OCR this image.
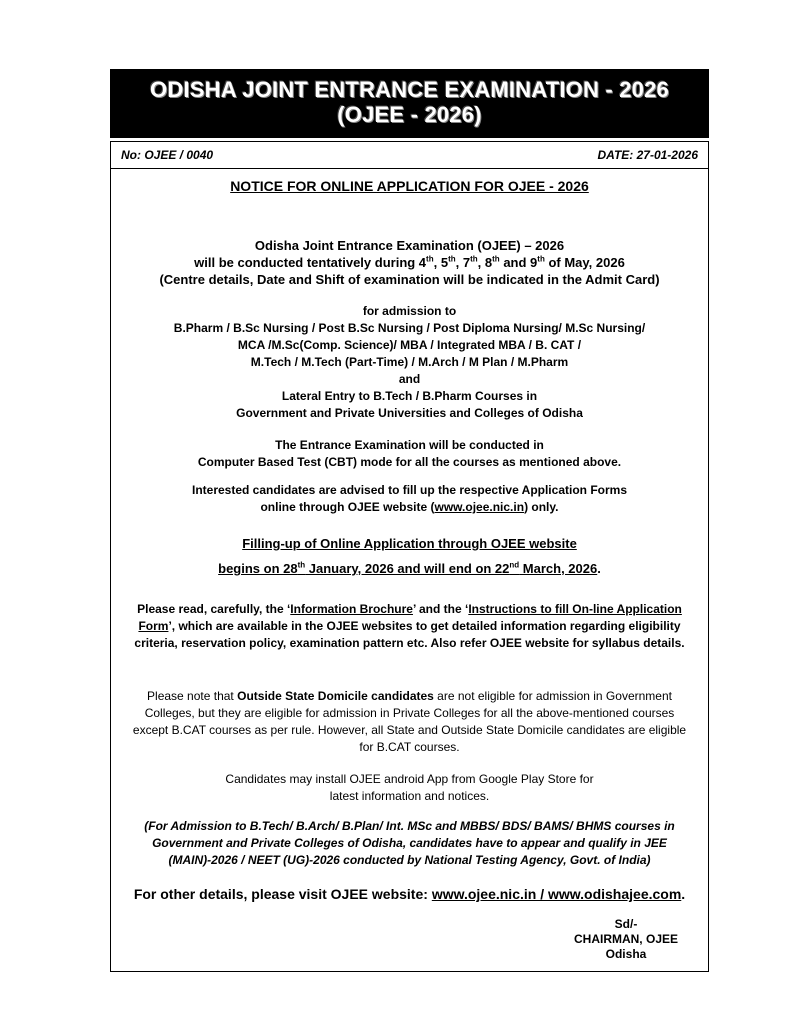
ODISHA JOINT ENTRANCE EXAMINATION - 2026
(OJEE - 2026)
No: OJEE / 0040	DATE: 27-01-2026
NOTICE FOR ONLINE APPLICATION FOR OJEE - 2026
Odisha Joint Entrance Examination (OJEE) – 2026
will be conducted tentatively during 4th, 5th, 7th, 8th and 9th of May, 2026
(Centre details, Date and Shift of examination will be indicated in the Admit Card)
for admission to
B.Pharm / B.Sc Nursing / Post B.Sc Nursing / Post Diploma Nursing/ M.Sc Nursing/
MCA /M.Sc(Comp. Science)/ MBA / Integrated MBA / B. CAT /
M.Tech / M.Tech (Part-Time) / M.Arch / M Plan / M.Pharm
and
Lateral Entry to B.Tech / B.Pharm Courses in
Government and Private Universities and Colleges of Odisha
The Entrance Examination will be conducted in
Computer Based Test (CBT) mode for all the courses as mentioned above.
Interested candidates are advised to fill up the respective Application Forms
online through OJEE website (www.ojee.nic.in) only.
Filling-up of Online Application through OJEE website
begins on 28th January, 2026 and will end on 22nd March, 2026.
Please read, carefully, the ‘Information Brochure’ and the ‘Instructions to fill On-line Application Form’, which are available in the OJEE websites to get detailed information regarding eligibility criteria, reservation policy, examination pattern etc. Also refer OJEE website for syllabus details.
Please note that Outside State Domicile candidates are not eligible for admission in Government Colleges, but they are eligible for admission in Private Colleges for all the above-mentioned courses except B.CAT courses as per rule. However, all State and Outside State Domicile candidates are eligible for B.CAT courses.
Candidates may install OJEE android App from Google Play Store for
latest information and notices.
(For Admission to B.Tech/ B.Arch/ B.Plan/ Int. MSc and MBBS/ BDS/ BAMS/ BHMS courses in Government and Private Colleges of Odisha, candidates have to appear and qualify in JEE (MAIN)-2026 / NEET (UG)-2026 conducted by National Testing Agency, Govt. of India)
For other details, please visit OJEE website: www.ojee.nic.in / www.odishajee.com.
Sd/-
CHAIRMAN, OJEE
Odisha
